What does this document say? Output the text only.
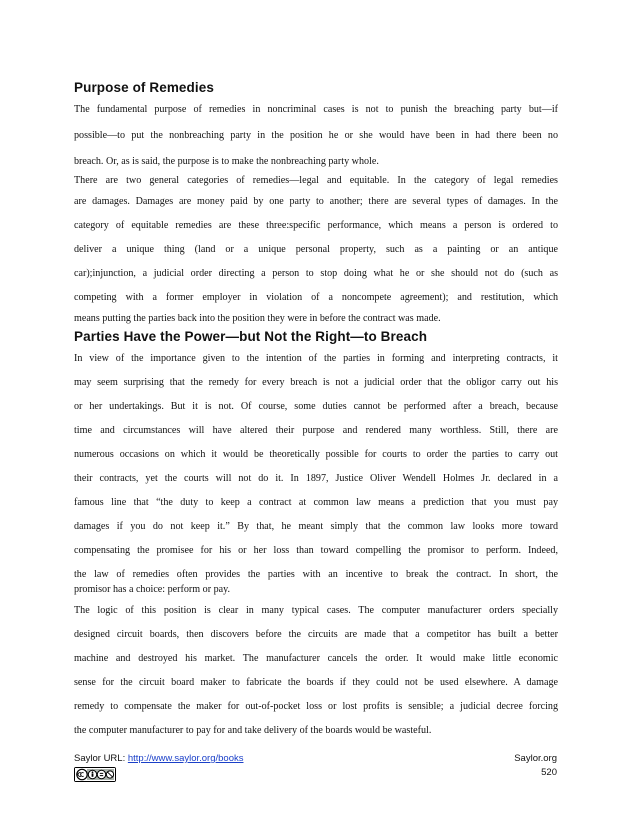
Purpose of Remedies
The fundamental purpose of remedies in noncriminal cases is not to punish the breaching party but—if
possible—to put the nonbreaching party in the position he or she would have been in had there been no
breach. Or, as is said, the purpose is to make the nonbreaching party whole.
There are two general categories of remedies—legal and equitable. In the category of legal remedies
are damages. Damages are money paid by one party to another; there are several types of damages. In the
category of equitable remedies are these three:specific performance, which means a person is ordered to
deliver a unique thing (land or a unique personal property, such as a painting or an antique
car);injunction, a judicial order directing a person to stop doing what he or she should not do (such as
competing with a former employer in violation of a noncompete agreement); and restitution, which
means putting the parties back into the position they were in before the contract was made.
Parties Have the Power—but Not the Right—to Breach
In view of the importance given to the intention of the parties in forming and interpreting contracts, it
may seem surprising that the remedy for every breach is not a judicial order that the obligor carry out his
or her undertakings. But it is not. Of course, some duties cannot be performed after a breach, because
time and circumstances will have altered their purpose and rendered many worthless. Still, there are
numerous occasions on which it would be theoretically possible for courts to order the parties to carry out
their contracts, yet the courts will not do it. In 1897, Justice Oliver Wendell Holmes Jr. declared in a
famous line that “the duty to keep a contract at common law means a prediction that you must pay
damages if you do not keep it.” By that, he meant simply that the common law looks more toward
compensating the promisee for his or her loss than toward compelling the promisor to perform. Indeed,
the law of remedies often provides the parties with an incentive to break the contract. In short, the
promisor has a choice: perform or pay.
The logic of this position is clear in many typical cases. The computer manufacturer orders specially
designed circuit boards, then discovers before the circuits are made that a competitor has built a better
machine and destroyed his market. The manufacturer cancels the order. It would make little economic
sense for the circuit board maker to fabricate the boards if they could not be used elsewhere. A damage
remedy to compensate the maker for out-of-pocket loss or lost profits is sensible; a judicial decree forcing
the computer manufacturer to pay for and take delivery of the boards would be wasteful.
Saylor URL: http://www.saylor.org/books	Saylor.org
520
